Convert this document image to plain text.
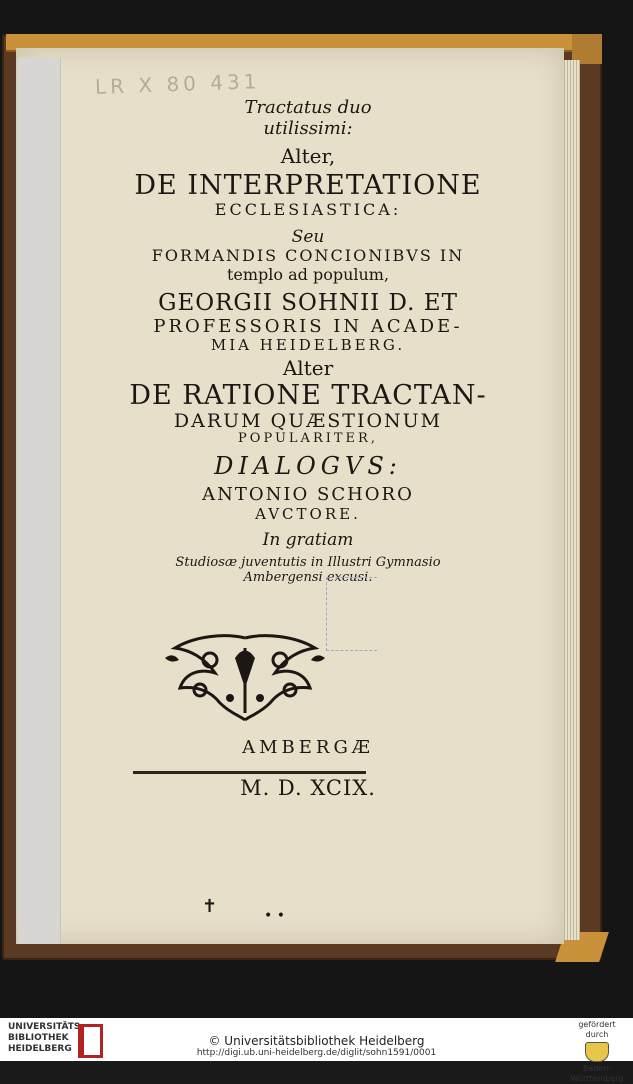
LR X 80 431
Tractatus duo
utilissimi:
Alter,
DE INTERPRETATIONE
ECCLESIASTICA:
Seu
FORMANDIS CONCIONIBVS IN
templo ad populum,
GEORGII SOHNII D. ET
PROFESSORIS IN ACADE-
MIA HEIDELBERG.
Alter
DE RATIONE TRACTAN-
DARUM QUÆSTIONUM
POPULARITER,
DIALOGVS:
ANTONIO SCHORO
AVCTORE.
In gratiam
Studiosæ juventutis in Illustri Gymnasio
Ambergensi excusi.
AMBERGÆ
M. D. XCIX.
✝	• •
UNIVERSITÄTS-
BIBLIOTHEK
HEIDELBERG
© Universitätsbibliothek Heidelberg
http://digi.ub.uni-heidelberg.de/diglit/sohn1591/0001
gefördert durch
Baden-Württemberg
